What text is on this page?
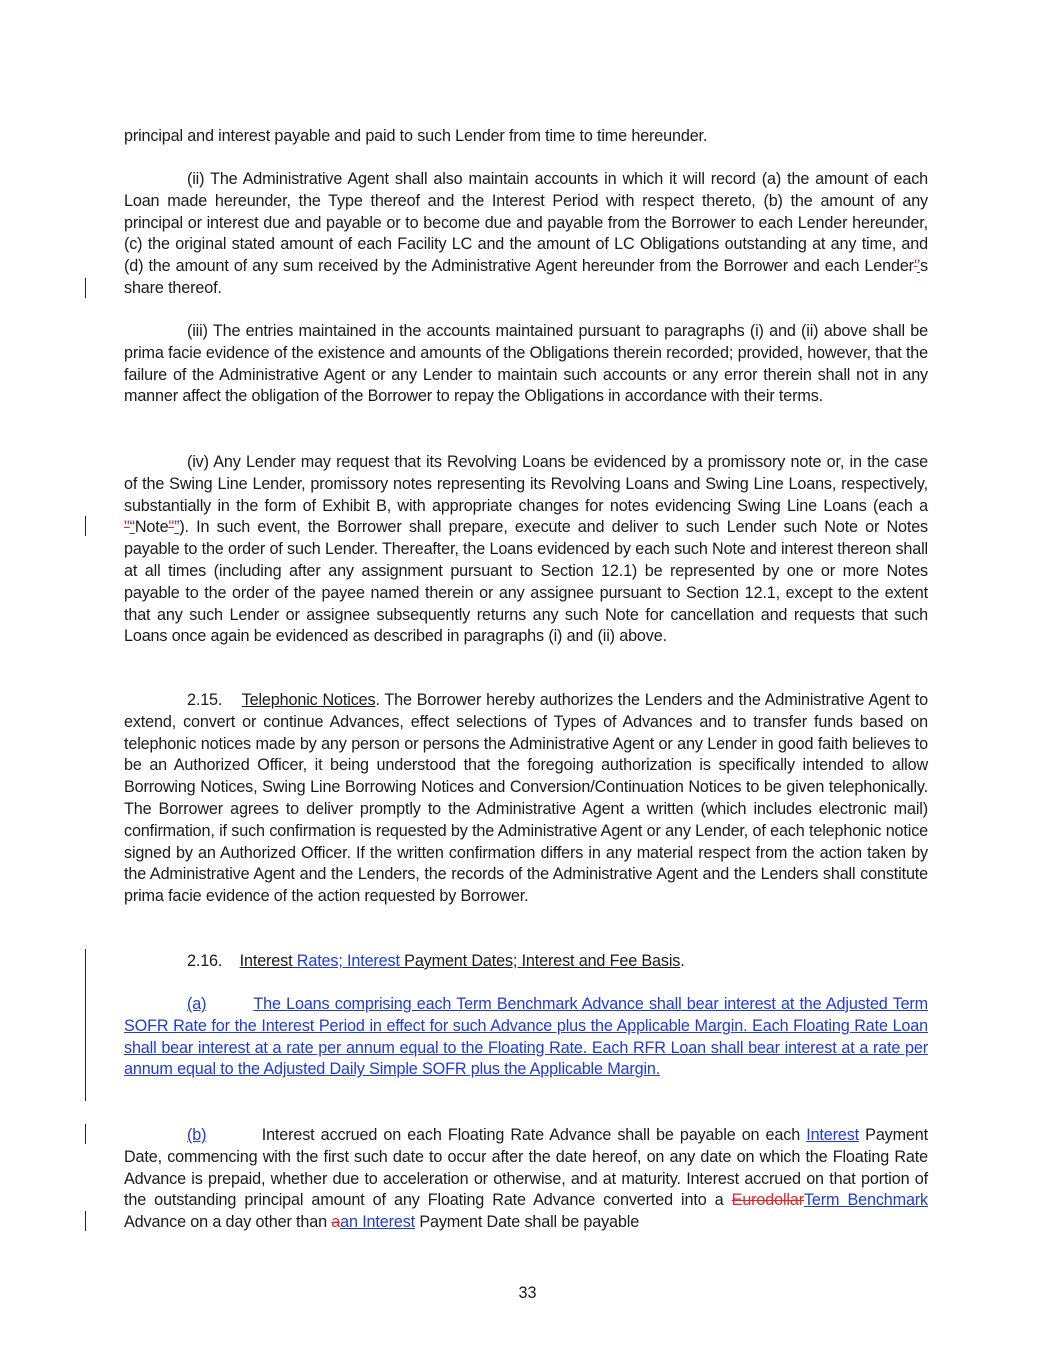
principal and interest payable and paid to such Lender from time to time hereunder.
(ii) The Administrative Agent shall also maintain accounts in which it will record (a) the amount of each Loan made hereunder, the Type thereof and the Interest Period with respect thereto, (b) the amount of any principal or interest due and payable or to become due and payable from the Borrower to each Lender hereunder, (c) the original stated amount of each Facility LC and the amount of LC Obligations outstanding at any time, and (d) the amount of any sum received by the Administrative Agent hereunder from the Borrower and each Lender'’s share thereof.
(iii) The entries maintained in the accounts maintained pursuant to paragraphs (i) and (ii) above shall be prima facie evidence of the existence and amounts of the Obligations therein recorded; provided, however, that the failure of the Administrative Agent or any Lender to maintain such accounts or any error therein shall not in any manner affect the obligation of the Borrower to repay the Obligations in accordance with their terms.
(iv) Any Lender may request that its Revolving Loans be evidenced by a promissory note or, in the case of the Swing Line Lender, promissory notes representing its Revolving Loans and Swing Line Loans, respectively, substantially in the form of Exhibit B, with appropriate changes for notes evidencing Swing Line Loans (each a "“Note"”). In such event, the Borrower shall prepare, execute and deliver to such Lender such Note or Notes payable to the order of such Lender. Thereafter, the Loans evidenced by each such Note and interest thereon shall at all times (including after any assignment pursuant to Section 12.1) be represented by one or more Notes payable to the order of the payee named therein or any assignee pursuant to Section 12.1, except to the extent that any such Lender or assignee subsequently returns any such Note for cancellation and requests that such Loans once again be evidenced as described in paragraphs (i) and (ii) above.
2.15. Telephonic Notices. The Borrower hereby authorizes the Lenders and the Administrative Agent to extend, convert or continue Advances, effect selections of Types of Advances and to transfer funds based on telephonic notices made by any person or persons the Administrative Agent or any Lender in good faith believes to be an Authorized Officer, it being understood that the foregoing authorization is specifically intended to allow Borrowing Notices, Swing Line Borrowing Notices and Conversion/Continuation Notices to be given telephonically. The Borrower agrees to deliver promptly to the Administrative Agent a written (which includes electronic mail) confirmation, if such confirmation is requested by the Administrative Agent or any Lender, of each telephonic notice signed by an Authorized Officer. If the written confirmation differs in any material respect from the action taken by the Administrative Agent and the Lenders, the records of the Administrative Agent and the Lenders shall constitute prima facie evidence of the action requested by Borrower.
2.16. Interest Rates; Interest Payment Dates; Interest and Fee Basis.
(a)	The Loans comprising each Term Benchmark Advance shall bear interest at the Adjusted Term SOFR Rate for the Interest Period in effect for such Advance plus the Applicable Margin. Each Floating Rate Loan shall bear interest at a rate per annum equal to the Floating Rate. Each RFR Loan shall bear interest at a rate per annum equal to the Adjusted Daily Simple SOFR plus the Applicable Margin.
(b)	Interest accrued on each Floating Rate Advance shall be payable on each Interest Payment Date, commencing with the first such date to occur after the date hereof, on any date on which the Floating Rate Advance is prepaid, whether due to acceleration or otherwise, and at maturity. Interest accrued on that portion of the outstanding principal amount of any Floating Rate Advance converted into a EurodollarTerm Benchmark Advance on a day other than aan Interest Payment Date shall be payable
33
